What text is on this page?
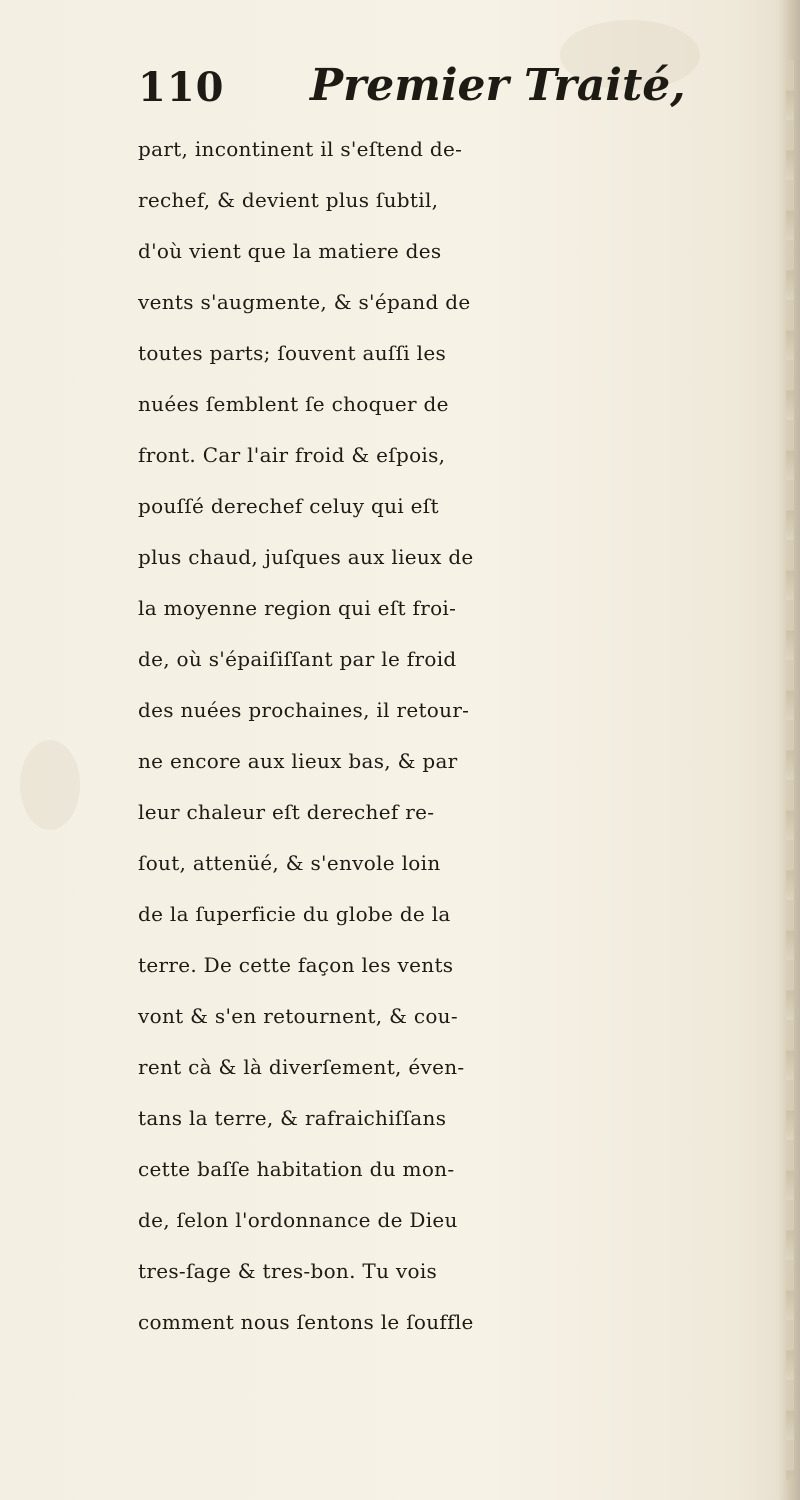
110 Premier Traité,
part, incontinent il s'eſtend de-
rechef, & devient plus ſubtil,
d'où vient que la matiere des
vents s'augmente, & s'épand de
toutes parts; ſouvent auſſi les
nuées ſemblent ſe choquer de
front. Car l'air froid & eſpois,
pouſſé derechef celuy qui eſt
plus chaud, juſques aux lieux de
la moyenne region qui eſt froi-
de, où s'épaiſiſſant par le froid
des nuées prochaines, il retour-
ne encore aux lieux bas, & par
leur chaleur eſt derechef re-
ſout, attenüé, & s'envole loin
de la ſuperficie du globe de la
terre. De cette façon les vents
vont & s'en retournent, & cou-
rent cà & là diverſement, éven-
tans la terre, & rafraichiſſans
cette baſſe habitation du mon-
de, ſelon l'ordonnance de Dieu
tres-ſage & tres-bon. Tu vois
comment nous ſentons le ſouffle
